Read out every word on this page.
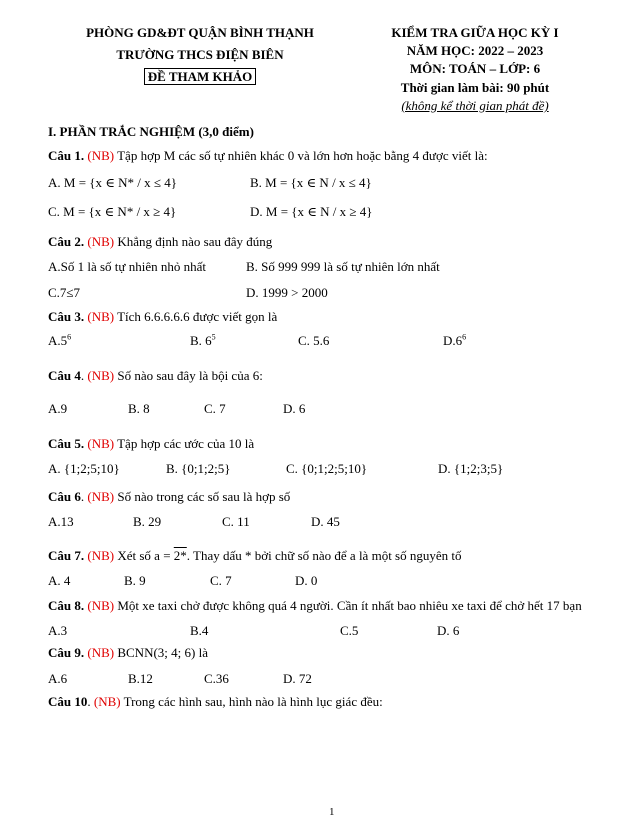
PHÒNG GD&ĐT QUẬN BÌNH THẠNH
TRƯỜNG THCS ĐIỆN BIÊN
ĐỀ THAM KHẢO
KIỂM TRA GIỮA HỌC KỲ I
NĂM HỌC: 2022 – 2023
MÔN: TOÁN – LỚP: 6
Thời gian làm bài: 90 phút
(không kể thời gian phát đề)
I. PHẦN TRẮC NGHIỆM (3,0 điểm)
Câu 1. (NB) Tập hợp M các số tự nhiên khác 0 và lớn hơn hoặc bằng 4 được viết là:
A. M = {x ∈ N* / x ≤ 4}	B. M = {x ∈ N / x ≤ 4}
C. M = {x ∈ N* / x ≥ 4}	D. M = {x ∈ N / x ≥ 4}
Câu 2. (NB) Khẳng định nào sau đây đúng
A.Số 1 là số tự nhiên nhỏ nhất	B. Số 999 999 là số tự nhiên lớn nhất
C.7≤7	D. 1999 > 2000
Câu 3. (NB) Tích 6.6.6.6.6 được viết gọn là
$A.5^6$	B. $6^5$	C. 5.6	$D.6^6$
Câu 4. (NB) Số nào sau đây là bội của 6:
A.9	B. 8	C. 7	D. 6
Câu 5. (NB) Tập hợp các ước của 10 là
A. {1;2;5;10}	B. {0;1;2;5}	C. {0;1;2;5;10}	D. {1;2;3;5}
Câu 6. (NB) Số nào trong các số sau là hợp số
A.13	B. 29	C. 11	D. 45
Câu 7. (NB) Xét số a = 2*. Thay dấu * bởi chữ số nào để a là một số nguyên tố
A. 4	B. 9	C. 7	D. 0
Câu 8. (NB) Một xe taxi chở được không quá 4 người. Cần ít nhất bao nhiêu xe taxi để chở hết 17 bạn
A.3	B.4	C.5	D. 6
Câu 9. (NB) BCNN(3; 4; 6) là
A.6	B.12	C.36	D. 72
Câu 10. (NB) Trong các hình sau, hình nào là hình lục giác đều:
1
